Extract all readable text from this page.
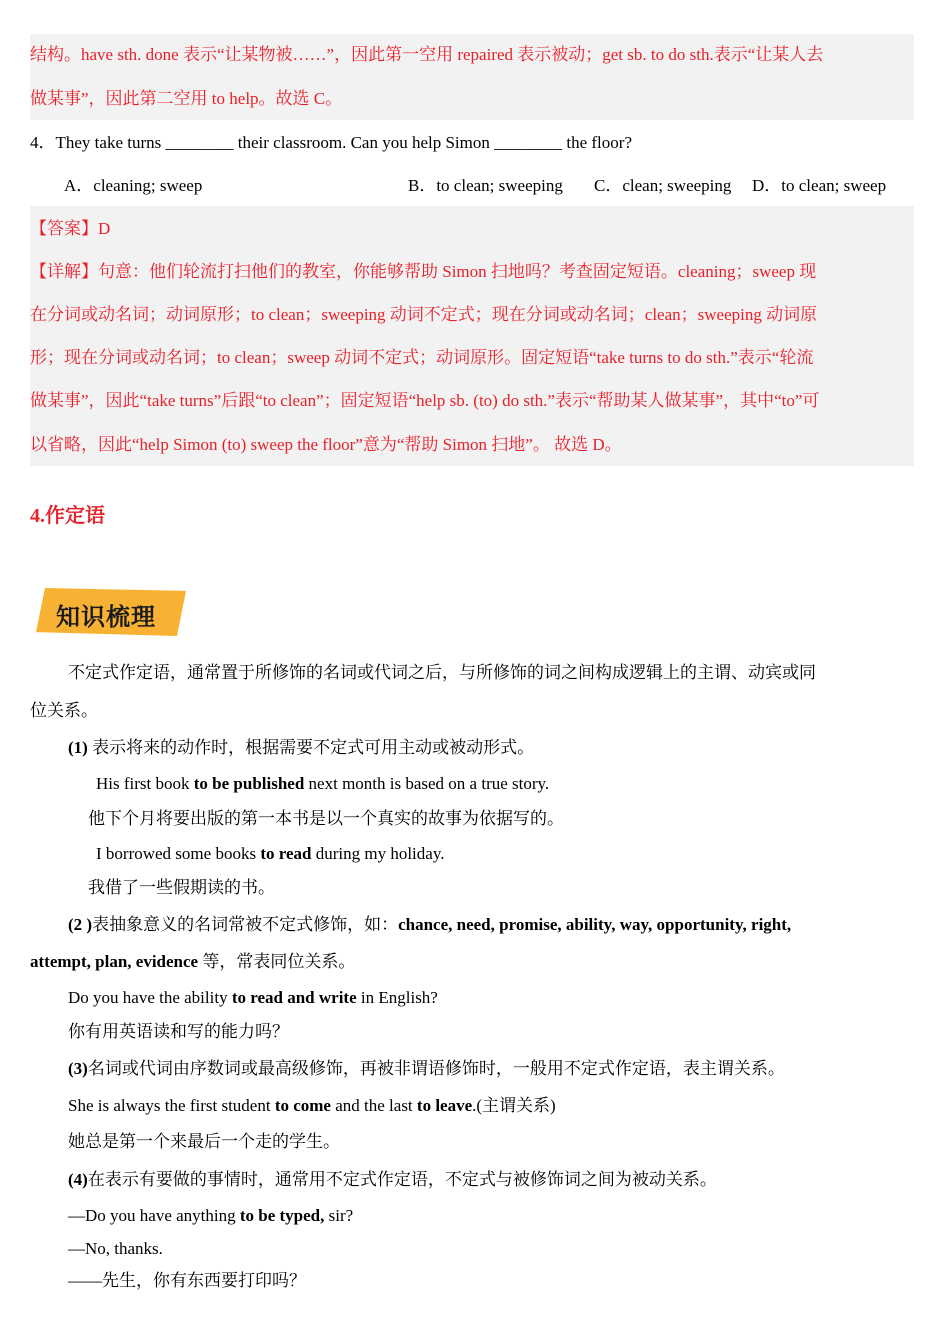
结构。have sth. done 表示“让某物被……”，因此第一空用 repaired 表示被动；get sb. to do sth.表示“让某人去
做某事”，因此第二空用 to help。故选 C。
4．They take turns ________ their classroom. Can you help Simon ________ the floor?
A．cleaning; sweep	B．to clean; sweeping C．clean; sweeping D．to clean; sweep
【答案】D
【详解】句意：他们轮流打扫他们的教室，你能够帮助 Simon 扫地吗？考查固定短语。cleaning；sweep 现
在分词或动名词；动词原形；to clean；sweeping 动词不定式；现在分词或动名词；clean；sweeping 动词原
形；现在分词或动名词；to clean；sweep 动词不定式；动词原形。固定短语“take turns to do sth.”表示“轮流
做某事”，因此“take turns”后跟“to clean”；固定短语“help sb. (to) do sth.”表示“帮助某人做某事”，其中“to”可
以省略，因此“help Simon (to) sweep the floor”意为“帮助 Simon 扫地”。 故选 D。
4.作定语
知识梳理
不定式作定语，通常置于所修饰的名词或代词之后，与所修饰的词之间构成逻辑上的主谓、动宾或同
位关系。
(1) 表示将来的动作时，根据需要不定式可用主动或被动形式。
His first book to be published next month is based on a true story.
他下个月将要出版的第一本书是以一个真实的故事为依据写的。
I borrowed some books to read during my holiday.
我借了一些假期读的书。
(2 )表抽象意义的名词常被不定式修饰，如：chance, need, promise, ability, way, opportunity, right,
attempt, plan, evidence 等，常表同位关系。
Do you have the ability to read and write in English?
你有用英语读和写的能力吗？
(3)名词或代词由序数词或最高级修饰，再被非谓语修饰时，一般用不定式作定语，表主谓关系。
She is always the first student to come and the last to leave.(主谓关系)
她总是第一个来最后一个走的学生。
(4)在表示有要做的事情时，通常用不定式作定语，不定式与被修饰词之间为被动关系。
—Do you have anything to be typed, sir?
—No, thanks.
——先生，你有东西要打印吗？
